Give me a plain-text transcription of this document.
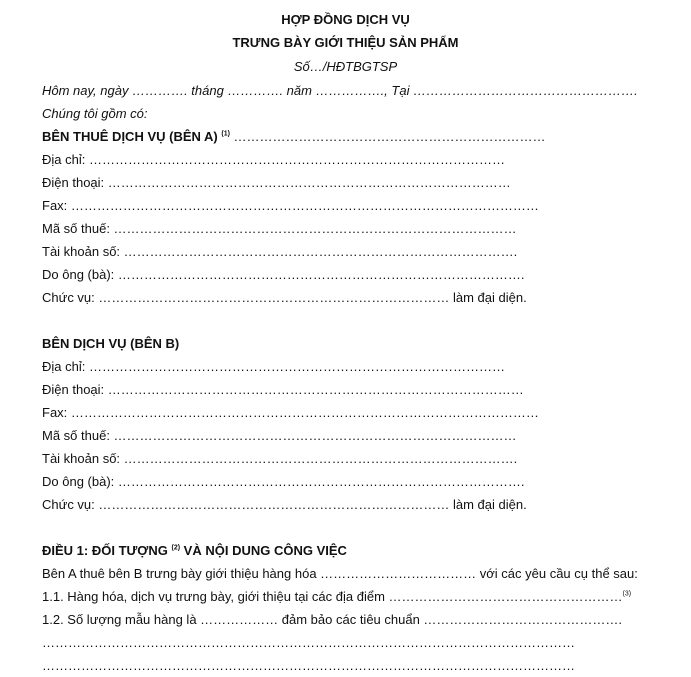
HỢP ĐỒNG DỊCH VỤ
TRƯNG BÀY GIỚI THIỆU SẢN PHẨM
Số…/HĐTBGTSP
Hôm nay, ngày …………. tháng …………. năm ……………., Tại …………………………………………….
Chúng tôi gồm có:
BÊN THUÊ DỊCH VỤ (BÊN A) $^{(1)}$ ………………………………………………………………
Địa chỉ: ……………………………………………………………………………………
Điện thoại: …………………………………………………………………………………
Fax: ………………………………………………………………………………………………
Mã số thuế: …………………………………………………………………………………
Tài khoản số: ……………………………………………………………………………….
Do ông (bà): ………………………………………………………………………………….
Chức vụ: ……………………………………………………………………… làm đại diện.
BÊN DỊCH VỤ (BÊN B)
Địa chỉ: ……………………………………………………………………………………
Điện thoại: ……………………………………………………………………………………
Fax: ………………………………………………………………………………………………
Mã số thuế: …………………………………………………………………………………
Tài khoản số: ……………………………………………………………………………….
Do ông (bà): ………………………………………………………………………………….
Chức vụ: ……………………………………………………………………… làm đại diện.
ĐIỀU 1: ĐỐI TƯỢNG $^{(2)}$ VÀ NỘI DUNG CÔNG VIỆC
Bên A thuê bên B trưng bày giới thiệu hàng hóa ……………………………… với các yêu cầu cụ thể sau:
1.1. Hàng hóa, dịch vụ trưng bày, giới thiệu tại các địa điểm ………………………………………………$^{(3)}$
1.2. Số lượng mẫu hàng là ……………… đảm bảo các tiêu chuẩn ……………………………………….
……………………………………………………………………………………………………………
……………………………………………………………………………………………………………
